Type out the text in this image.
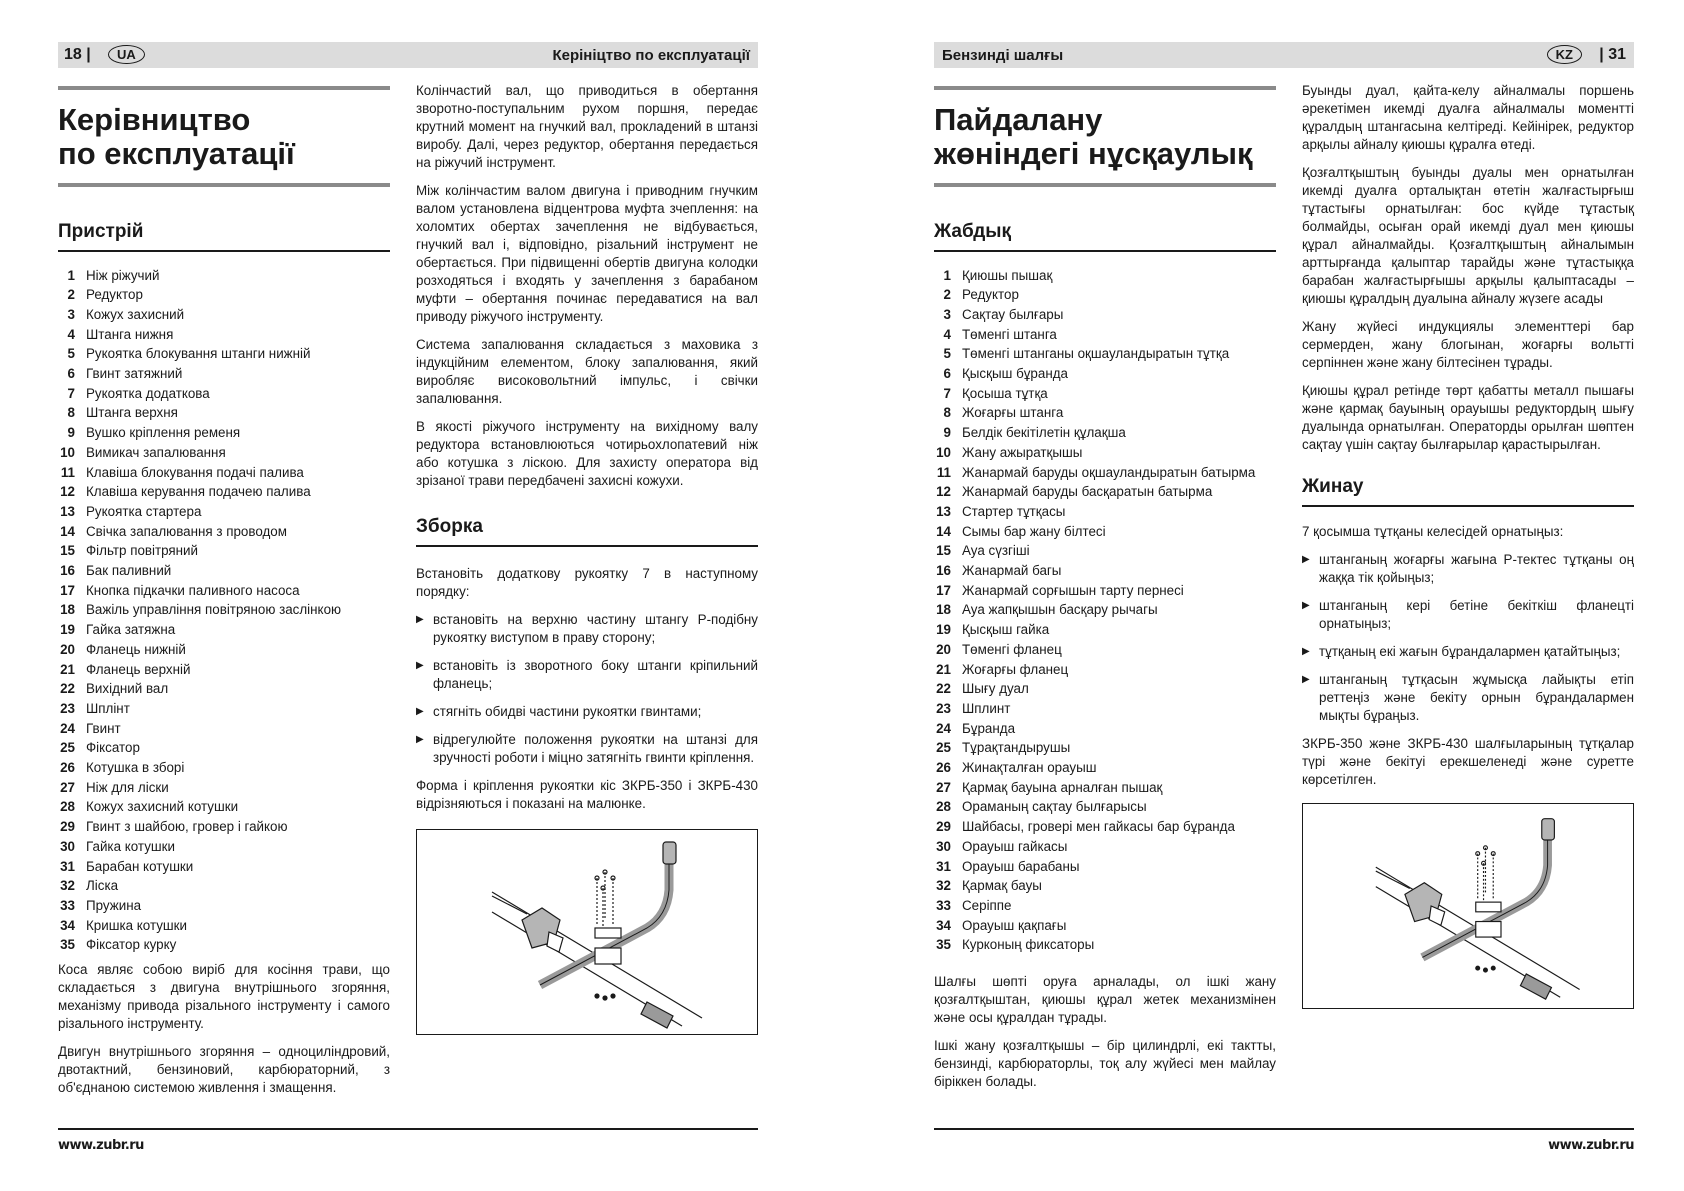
18 |	UA	Керініцтво по експлуатації
Керівництво
по експлуатації
Пристрій
1 Ніж ріжучий
2 Редуктор
3 Кожух захисний
4 Штанга нижня
5 Рукоятка блокування штанги нижній
6 Гвинт затяжний
7 Рукоятка додаткова
8 Штанга верхня
9 Вушко кріплення ременя
10 Вимикач запалювання
11 Клавіша блокування подачі палива
12 Клавіша керування подачею палива
13 Рукоятка стартера
14 Свічка запалювання з проводом
15 Фільтр повітряний
16 Бак паливний
17 Кнопка підкачки паливного насоса
18 Важіль управління повітряною заслінкою
19 Гайка затяжна
20 Фланець нижній
21 Фланець верхній
22 Вихідний вал
23 Шплінт
24 Гвинт
25 Фіксатор
26 Котушка в зборі
27 Ніж для ліски
28 Кожух захисний котушки
29 Гвинт з шайбою, гровер і гайкою
30 Гайка котушки
31 Барабан котушки
32 Ліска
33 Пружина
34 Кришка котушки
35 Фіксатор курку

Коса являє собою виріб для косіння трави, що складається з двигуна внутрішнього згоряння, механізму привода різального інструменту і самого різального інструменту.

Двигун внутрішнього згоряння – одноциліндровий, двотактний, бензиновий, карбюраторний, з об'єднаною системою живлення і змащення.

Колінчастий вал, що приводиться в обертання зворотно-поступальним рухом поршня, передає крутний момент на гнучкий вал, прокладений в штанзі виробу. Далі, через редуктор, обертання передається на ріжучий інструмент.

Між колінчастим валом двигуна і приводним гнучким валом установлена відцентрова муфта зчеплення: на холомтих обертах зачеплення не відбувається, гнучкий вал і, відповідно, різальний інструмент не обертається. При підвищенні обертів двигуна колодки розходяться і входять у зачеплення з барабаном муфти – обертання починає передаватися на вал приводу ріжучого інструменту.

Система запалювання складається з маховика з індукційним елементом, блоку запалювання, який виробляє високовольтний імпульс, і свічки запалювання.

В якості ріжучого інструменту на вихідному валу редуктора встановлюються чотирьохлопатевий ніж або котушка з ліскою. Для захисту оператора від зрізаної трави передбачені захисні кожухи.

Зборка

Встановіть додаткову рукоятку 7 в наступному порядку:

▶ встановіть на верхню частину штангу Р-подібну рукоятку виступом в праву сторону;
▶ встановіть із зворотного боку штанги кріпильний фланець;
▶ стягніть обидві частини рукоятки гвинтами;
▶ відрегулюйте положення рукоятки на штанзі для зручності роботи і міцно затягніть гвинти кріплення.

Форма і кріплення рукоятки кіс ЗКРБ-350 і ЗКРБ-430 відрізняються і показані на малюнке.

www.zubr.ru
Бензинді шалғы	KZ	| 31
Пайдалану
жөніндегі нұсқаулық
Жабдық
1 Қиюшы пышақ
2 Редуктор
3 Сақтау былғары
4 Төменгі штанга
5 Төменгі штанганы оқшауландыратын тұтқа
6 Қысқыш бұранда
7 Қосыша тұтқа
8 Жоғарғы штанга
9 Белдік бекітілетін құлақша
10 Жану ажыратқышы
11 Жанармай баруды оқшауландыратын батырма
12 Жанармай баруды басқаратын батырма
13 Стартер тұтқасы
14 Сымы бар жану білтесі
15 Ауа сүзгіші
16 Жанармай багы
17 Жанармай сорғышын тарту пернесі
18 Ауа жапқышын басқару рычагы
19 Қысқыш гайка
20 Төменгі фланец
21 Жоғарғы фланец
22 Шығу дуал
23 Шплинт
24 Бұранда
25 Тұрақтандырушы
26 Жинақталған орауыш
27 Қармақ бауына арналған пышақ
28 Ораманың сақтау былғарысы
29 Шайбасы, гровері мен гайкасы бар бұранда
30 Орауыш гайкасы
31 Орауыш барабаны
32 Қармақ бауы
33 Серіппе
34 Орауыш қақпағы
35 Курконың фиксаторы

Шалғы шөпті оруға арналады, ол ішкі жану қозғалтқыштан, қиюшы құрал жетек механизмінен және осы құралдан тұрады.

Ішкі жану қозғалтқышы – бір цилиндрлі, екі тактты, бензинді, карбюраторлы, тоқ алу жүйесі мен майлау біріккен болады.

Буынды дуал, қайта-келу айналмалы поршень әрекетімен икемді дуалға айналмалы моментті құралдың штангасына келтіреді. Кейінірек, редуктор арқылы айналу қиюшы құралға өтеді.

Қозғалтқыштың буынды дуалы мен орнатылған икемді дуалға орталықтан өтетін жалғастырғыш тұтастығы орнатылған: бос күйде тұтастық болмайды, осыған орай икемді дуал мен қиюшы құрал айналмайды. Қозғалтқыштың айналымын арттырғанда қалыптар тарайды және тұтастыққа барабан жалғастырғышы арқылы қалыптасады – қиюшы құралдың дуалына айналу жүзеге асады

Жану жүйесі индукциялы элементтері бар сермерден, жану блогынан, жоғарғы вольтті серпіннен және жану білтесінен тұрады.

Қиюшы құрал ретінде төрт қабатты металл пышағы және қармақ бауының орауышы редуктордың шығу дуалында орнатылған. Операторды орылған шөптен сақтау үшін сақтау былғарылар қарастырылған.

Жинау

7 қосымша тұтқаны келесідей орнатыңыз:

▶ штанганың жоғарғы жағына Р-тектес тұтқаны оң жаққа тік қойыңыз;
▶ штанганың кері бетіне бекіткіш фланецті орнатыңыз;
▶ тұтқаның екі жағын бұрандалармен қатайтыңыз;
▶ штанганың тұтқасын жұмысқа лайықты етіп реттеңіз және бекіту орнын бұрандалармен мықты бұраңыз.

ЗКРБ-350 және ЗКРБ-430 шалғыларының тұтқалар түрі және бекітуі ерекшеленеді және суретте көрсетілген.

www.zubr.ru
